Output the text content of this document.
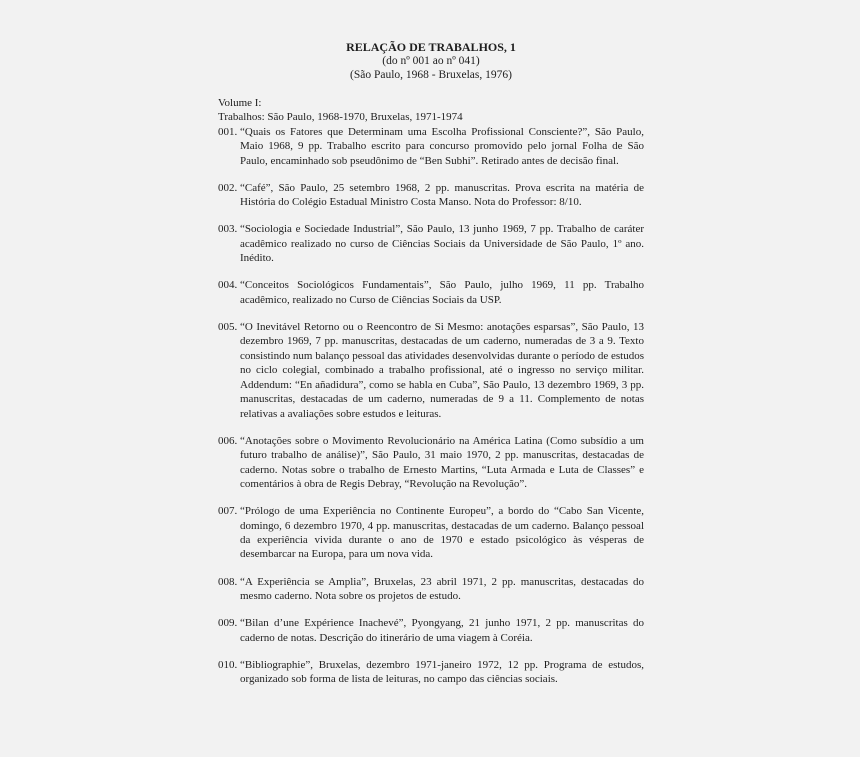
RELAÇÃO DE TRABALHOS, 1
(do nº 001 ao nº 041)
(São Paulo, 1968 - Bruxelas, 1976)

Volume I:

Trabalhos: São Paulo, 1968-1970, Bruxelas, 1971-1974

001. “Quais os Fatores que Determinam uma Escolha Profissional Consciente?”, São Paulo, Maio 1968, 9 pp. Trabalho escrito para concurso promovido pelo jornal Folha de São Paulo, encaminhado sob pseudônimo de “Ben Subhi”. Retirado antes de decisão final.
002. “Café”, São Paulo, 25 setembro 1968, 2 pp. manuscritas. Prova escrita na matéria de História do Colégio Estadual Ministro Costa Manso. Nota do Professor: 8/10.
003. “Sociologia e Sociedade Industrial”, São Paulo, 13 junho 1969, 7 pp. Trabalho de caráter acadêmico realizado no curso de Ciências Sociais da Universidade de São Paulo, 1º ano. Inédito.
004. “Conceitos Sociológicos Fundamentais”, São Paulo, julho 1969, 11 pp. Trabalho acadêmico, realizado no Curso de Ciências Sociais da USP.
005. “O Inevitável Retorno ou o Reencontro de Si Mesmo: anotações esparsas”, São Paulo, 13 dezembro 1969, 7 pp. manuscritas, destacadas de um caderno, numeradas de 3 a 9. Texto consistindo num balanço pessoal das atividades desenvolvidas durante o período de estudos no ciclo colegial, combinado a trabalho profissional, até o ingresso no serviço militar. Addendum: “En añadidura”, como se habla en Cuba”, São Paulo, 13 dezembro 1969, 3 pp. manuscritas, destacadas de um caderno, numeradas de 9 a 11. Complemento de notas relativas a avaliações sobre estudos e leituras.
006. “Anotações sobre o Movimento Revolucionário na América Latina (Como subsídio a um futuro trabalho de análise)”, São Paulo, 31 maio 1970, 2 pp. manuscritas, destacadas de caderno. Notas sobre o trabalho de Ernesto Martins, “Luta Armada e Luta de Classes” e comentários à obra de Regis Debray, “Revolução na Revolução”.
007. “Prólogo de uma Experiência no Continente Europeu”, a bordo do “Cabo San Vicente, domingo, 6 dezembro 1970, 4 pp. manuscritas, destacadas de um caderno. Balanço pessoal da experiência vivida durante o ano de 1970 e estado psicológico às vésperas de desembarcar na Europa, para um nova vida.
008. “A Experiência se Amplia”, Bruxelas, 23 abril 1971, 2 pp. manuscritas, destacadas do mesmo caderno. Nota sobre os projetos de estudo.
009. “Bilan d’une Expérience Inachevé”, Pyongyang, 21 junho 1971, 2 pp. manuscritas do caderno de notas. Descrição do itinerário de uma viagem à Coréia.
010. “Bibliographie”, Bruxelas, dezembro 1971-janeiro 1972, 12 pp. Programa de estudos, organizado sob forma de lista de leituras, no campo das ciências sociais.
